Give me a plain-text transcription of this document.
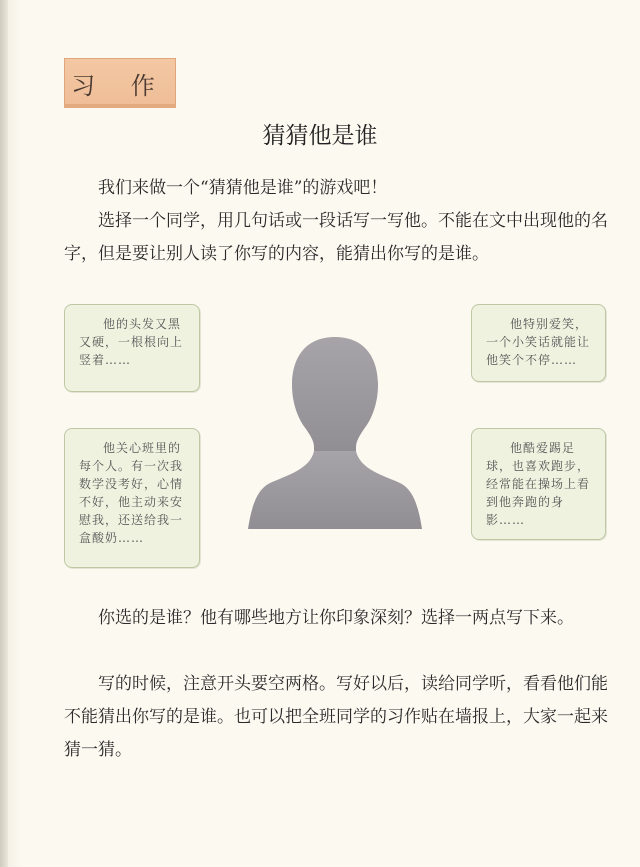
习 作
猜猜他是谁
我们来做一个“猜猜他是谁”的游戏吧！
选择一个同学，用几句话或一段话写一写他。不能在文中出现他的名字，但是要让别人读了你写的内容，能猜出你写的是谁。
他的头发又黑又硬，一根根向上竖着……
他特别爱笑，一个小笑话就能让他笑个不停……
他关心班里的每个人。有一次我数学没考好，心情不好，他主动来安慰我，还送给我一盒酸奶……
他酷爱踢足球，也喜欢跑步，经常能在操场上看到他奔跑的身影……
你选的是谁？他有哪些地方让你印象深刻？选择一两点写下来。
写的时候，注意开头要空两格。写好以后，读给同学听，看看他们能不能猜出你写的是谁。也可以把全班同学的习作贴在墙报上，大家一起来猜一猜。
